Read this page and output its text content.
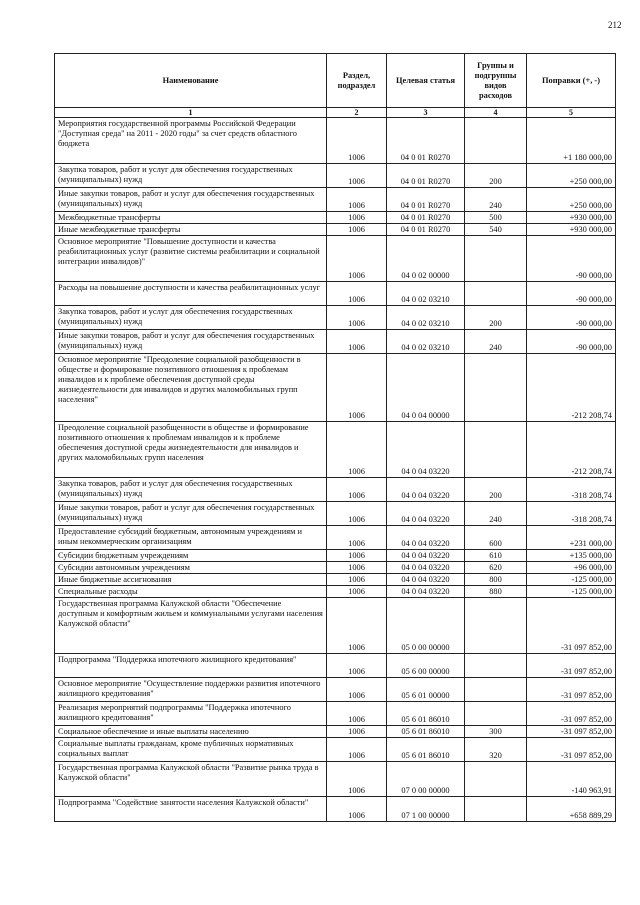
212
Наименование	Раздел, подраздел	Целевая статья	Группы и подгруппы видов расходов	Поправки (+, -)
1	2	3	4	5
Мероприятия государственной программы Российской Федерации "Доступная среда" на 2011 - 2020 годы" за счет средств областного бюджета	1006	04 0 01 R0270		+1 180 000,00
Закупка товаров, работ и услуг для обеспечения государственных (муниципальных) нужд	1006	04 0 01 R0270	200	+250 000,00
Иные закупки товаров, работ и услуг для обеспечения государственных (муниципальных) нужд	1006	04 0 01 R0270	240	+250 000,00
Межбюджетные трансферты	1006	04 0 01 R0270	500	+930 000,00
Иные межбюджетные трансферты	1006	04 0 01 R0270	540	+930 000,00
Основное мероприятие "Повышение доступности и качества реабилитационных услуг (развитие системы реабилитации и социальной интеграции инвалидов)"	1006	04 0 02 00000		-90 000,00
Расходы на повышение доступности и качества реабилитационных услуг	1006	04 0 02 03210		-90 000,00
Закупка товаров, работ и услуг для обеспечения государственных (муниципальных) нужд	1006	04 0 02 03210	200	-90 000,00
Иные закупки товаров, работ и услуг для обеспечения государственных (муниципальных) нужд	1006	04 0 02 03210	240	-90 000,00
Основное мероприятие "Преодоление социальной разобщенности в обществе и формирование позитивного отношения к проблемам инвалидов и к проблеме обеспечения доступной среды жизнедеятельности для инвалидов и других маломобильных групп населения"	1006	04 0 04 00000		-212 208,74
Преодоление социальной разобщенности в обществе и формирование позитивного отношения к проблемам инвалидов и к проблеме обеспечения доступной среды жизнедеятельности для инвалидов и других маломобильных групп населения	1006	04 0 04 03220		-212 208,74
Закупка товаров, работ и услуг для обеспечения государственных (муниципальных) нужд	1006	04 0 04 03220	200	-318 208,74
Иные закупки товаров, работ и услуг для обеспечения государственных (муниципальных) нужд	1006	04 0 04 03220	240	-318 208,74
Предоставление субсидий бюджетным, автономным учреждениям и иным некоммерческим организациям	1006	04 0 04 03220	600	+231 000,00
Субсидии бюджетным учреждениям	1006	04 0 04 03220	610	+135 000,00
Субсидии автономным учреждениям	1006	04 0 04 03220	620	+96 000,00
Иные бюджетные ассигнования	1006	04 0 04 03220	800	-125 000,00
Специальные расходы	1006	04 0 04 03220	880	-125 000,00
Государственная программа Калужской области "Обеспечение доступным и комфортным жильем и коммунальными услугами населения Калужской области"	1006	05 0 00 00000		-31 097 852,00
Подпрограмма "Поддержка ипотечного жилищного кредитования"	1006	05 6 00 00000		-31 097 852,00
Основное мероприятие "Осуществление поддержки развития ипотечного жилищного кредитования"	1006	05 6 01 00000		-31 097 852,00
Реализация мероприятий подпрограммы "Поддержка ипотечного жилищного кредитования"	1006	05 6 01 86010		-31 097 852,00
Социальное обеспечение и иные выплаты населению	1006	05 6 01 86010	300	-31 097 852,00
Социальные выплаты гражданам, кроме публичных нормативных социальных выплат	1006	05 6 01 86010	320	-31 097 852,00
Государственная программа Калужской области "Развитие рынка труда в Калужской области"	1006	07 0 00 00000		-140 963,91
Подпрограмма "Содействие занятости населения Калужской области"	1006	07 1 00 00000		+658 889,29
